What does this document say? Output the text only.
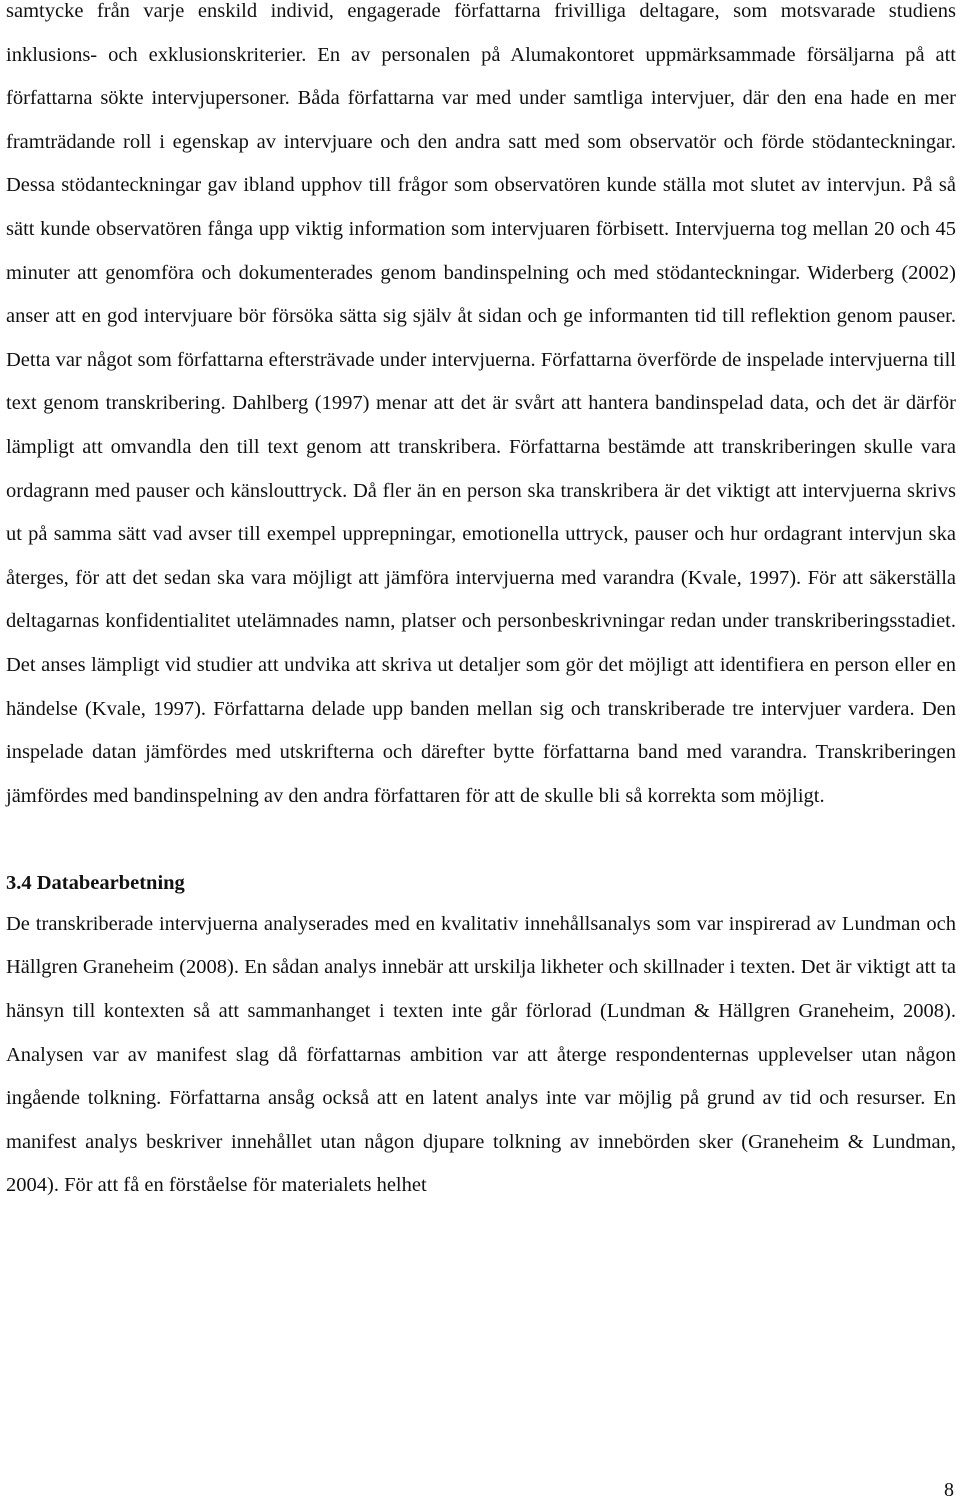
samtycke från varje enskild individ, engagerade författarna frivilliga deltagare, som motsvarade studiens inklusions- och exklusionskriterier. En av personalen på Alumakontoret uppmärksammade försäljarna på att författarna sökte intervjupersoner. Båda författarna var med under samtliga intervjuer, där den ena hade en mer framträdande roll i egenskap av intervjuare och den andra satt med som observatör och förde stödanteckningar. Dessa stödanteckningar gav ibland upphov till frågor som observatören kunde ställa mot slutet av intervjun. På så sätt kunde observatören fånga upp viktig information som intervjuaren förbisett. Intervjuerna tog mellan 20 och 45 minuter att genomföra och dokumenterades genom bandinspelning och med stödanteckningar. Widerberg (2002) anser att en god intervjuare bör försöka sätta sig själv åt sidan och ge informanten tid till reflektion genom pauser. Detta var något som författarna eftersträvade under intervjuerna. Författarna överförde de inspelade intervjuerna till text genom transkribering. Dahlberg (1997) menar att det är svårt att hantera bandinspelad data, och det är därför lämpligt att omvandla den till text genom att transkribera. Författarna bestämde att transkriberingen skulle vara ordagrann med pauser och känslouttryck. Då fler än en person ska transkribera är det viktigt att intervjuerna skrivs ut på samma sätt vad avser till exempel upprepningar, emotionella uttryck, pauser och hur ordagrant intervjun ska återges, för att det sedan ska vara möjligt att jämföra intervjuerna med varandra (Kvale, 1997). För att säkerställa deltagarnas konfidentialitet utelämnades namn, platser och personbeskrivningar redan under transkriberingsstadiet. Det anses lämpligt vid studier att undvika att skriva ut detaljer som gör det möjligt att identifiera en person eller en händelse (Kvale, 1997). Författarna delade upp banden mellan sig och transkriberade tre intervjuer vardera. Den inspelade datan jämfördes med utskrifterna och därefter bytte författarna band med varandra. Transkriberingen jämfördes med bandinspelning av den andra författaren för att de skulle bli så korrekta som möjligt.

3.4 Databearbetning

De transkriberade intervjuerna analyserades med en kvalitativ innehållsanalys som var inspirerad av Lundman och Hällgren Graneheim (2008). En sådan analys innebär att urskilja likheter och skillnader i texten. Det är viktigt att ta hänsyn till kontexten så att sammanhanget i texten inte går förlorad (Lundman & Hällgren Graneheim, 2008). Analysen var av manifest slag då författarnas ambition var att återge respondenternas upplevelser utan någon ingående tolkning. Författarna ansåg också att en latent analys inte var möjlig på grund av tid och resurser. En manifest analys beskriver innehållet utan någon djupare tolkning av innebörden sker (Graneheim & Lundman, 2004). För att få en förståelse för materialets helhet

8
